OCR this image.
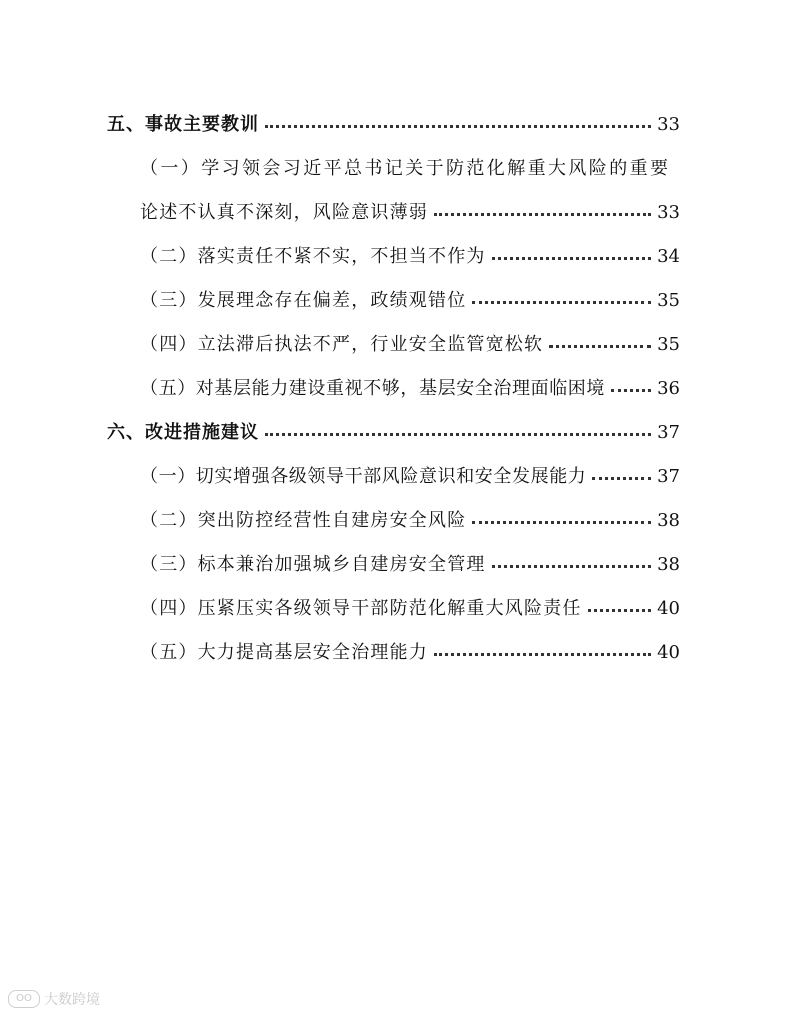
五、事故主要教训	33
（一）学习领会习近平总书记关于防范化解重大风险的重要
论述不认真不深刻，风险意识薄弱	33
（二）落实责任不紧不实，不担当不作为	34
（三）发展理念存在偏差，政绩观错位	35
（四）立法滞后执法不严，行业安全监管宽松软	35
（五）对基层能力建设重视不够，基层安全治理面临困境	36
六、改进措施建议	37
（一）切实增强各级领导干部风险意识和安全发展能力	37
（二）突出防控经营性自建房安全风险	38
（三）标本兼治加强城乡自建房安全管理	38
（四）压紧压实各级领导干部防范化解重大风险责任	40
（五）大力提高基层安全治理能力	40
OO 大数跨境
